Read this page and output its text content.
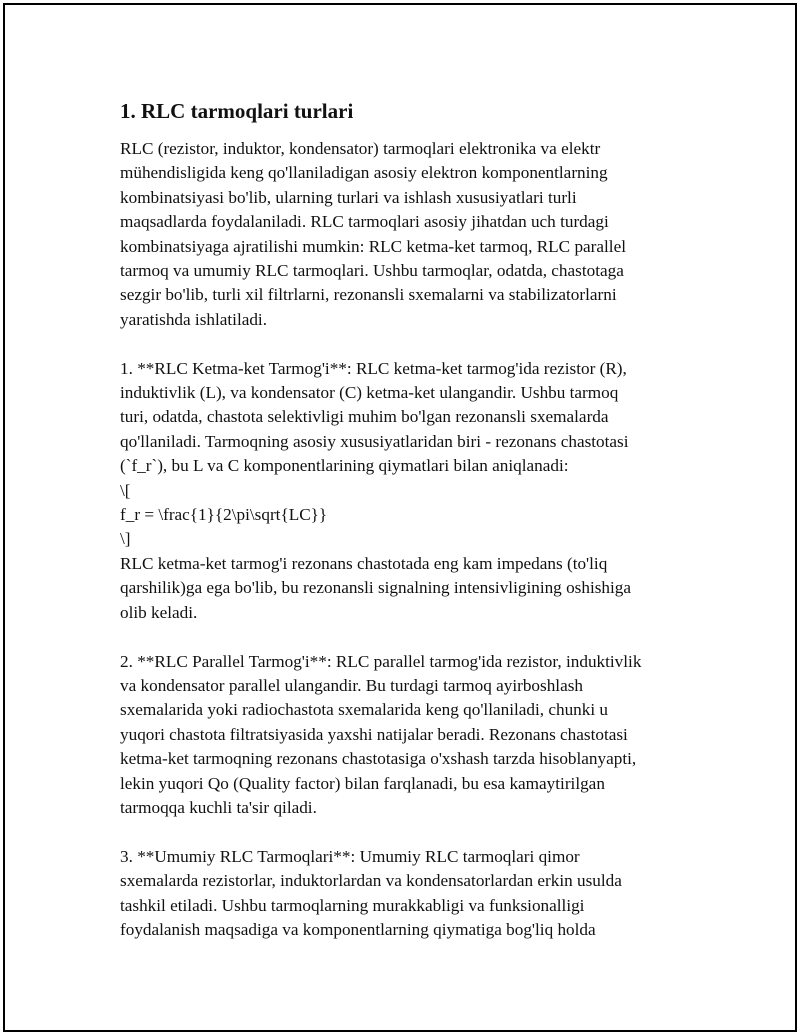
1. RLC tarmoqlari turlari

RLC (rezistor, induktor, kondensator) tarmoqlari elektronika va elektr
mühendisligida keng qo'llaniladigan asosiy elektron komponentlarning
kombinatsiyasi bo'lib, ularning turlari va ishlash xususiyatlari turli
maqsadlarda foydalaniladi. RLC tarmoqlari asosiy jihatdan uch turdagi
kombinatsiyaga ajratilishi mumkin: RLC ketma-ket tarmoq, RLC parallel
tarmoq va umumiy RLC tarmoqlari. Ushbu tarmoqlar, odatda, chastotaga
sezgir bo'lib, turli xil filtrlarni, rezonansli sxemalarni va stabilizatorlarni
yaratishda ishlatiladi.

1. **RLC Ketma-ket Tarmog'i**: RLC ketma-ket tarmog'ida rezistor (R),
induktivlik (L), va kondensator (C) ketma-ket ulangandir. Ushbu tarmoq
turi, odatda, chastota selektivligi muhim bo'lgan rezonansli sxemalarda
qo'llaniladi. Tarmoqning asosiy xususiyatlaridan biri - rezonans chastotasi
(`f_r`), bu L va C komponentlarining qiymatlari bilan aniqlanadi:
\[
f_r = \frac{1}{2\pi\sqrt{LC}}
\]
RLC ketma-ket tarmog'i rezonans chastotada eng kam impedans (to'liq
qarshilik)ga ega bo'lib, bu rezonansli signalning intensivligining oshishiga
olib keladi.

2. **RLC Parallel Tarmog'i**: RLC parallel tarmog'ida rezistor, induktivlik
va kondensator parallel ulangandir. Bu turdagi tarmoq ayirboshlash
sxemalarida yoki radiochastota sxemalarida keng qo'llaniladi, chunki u
yuqori chastota filtratsiyasida yaxshi natijalar beradi. Rezonans chastotasi
ketma-ket tarmoqning rezonans chastotasiga o'xshash tarzda hisoblanyapti,
lekin yuqori Qo (Quality factor) bilan farqlanadi, bu esa kamaytirilgan
tarmoqqa kuchli ta'sir qiladi.

3. **Umumiy RLC Tarmoqlari**: Umumiy RLC tarmoqlari qimor
sxemalarda rezistorlar, induktorlardan va kondensatorlardan erkin usulda
tashkil etiladi. Ushbu tarmoqlarning murakkabligi va funksionalligi
foydalanish maqsadiga va komponentlarning qiymatiga bog'liq holda
